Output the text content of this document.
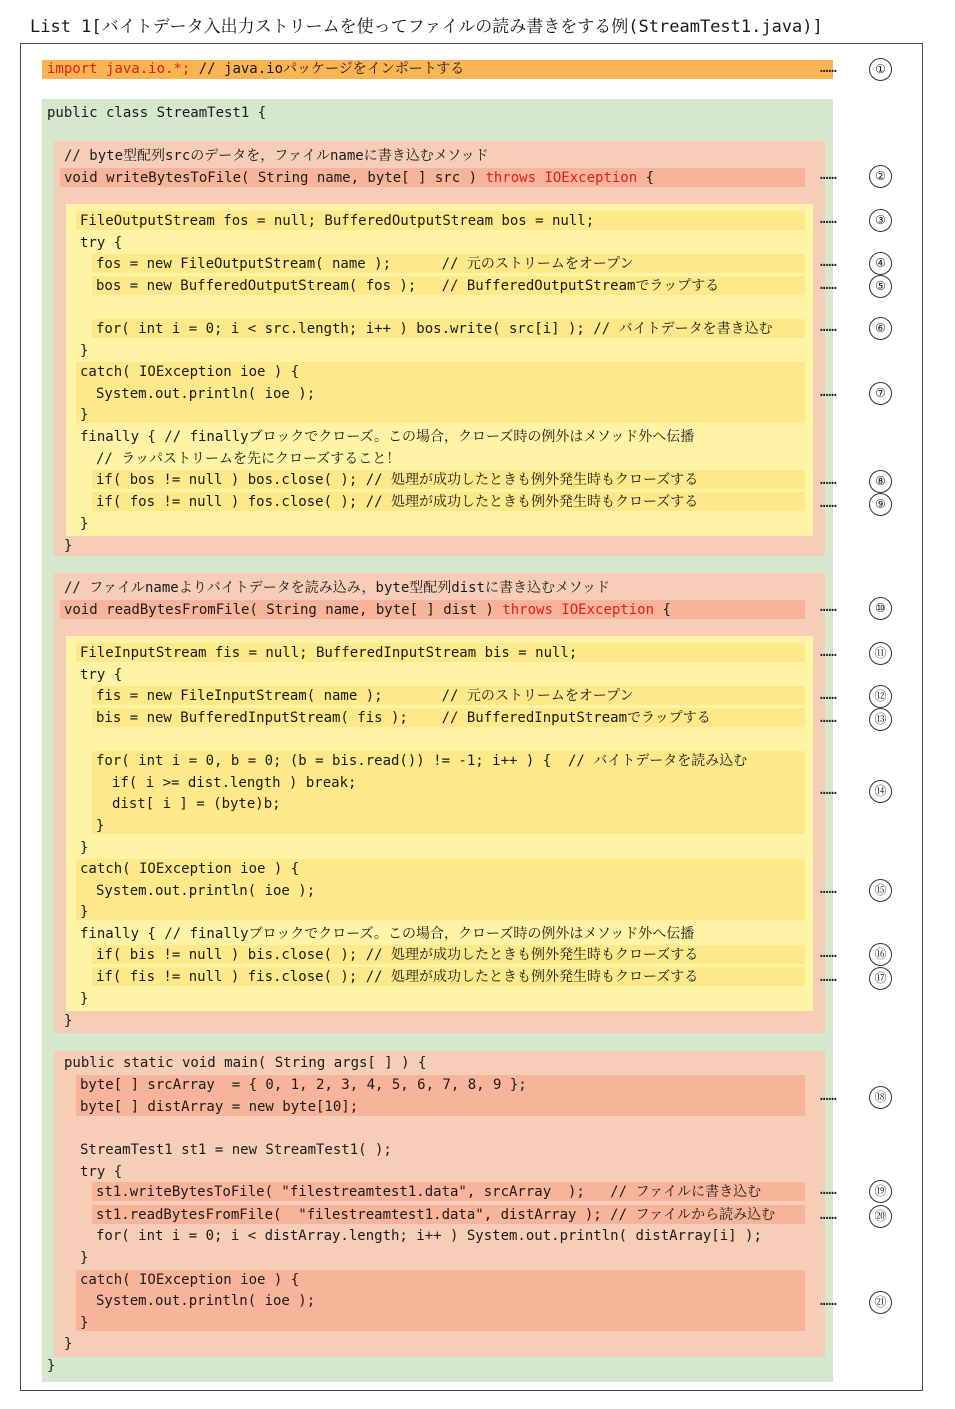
List 1[バイトデータ入出力ストリームを使ってファイルの読み書きをする例(StreamTest1.java)]
import java.io.*; // java.ioパッケージをインポートする
public class StreamTest1 {
// byte型配列srcのデータを，ファイルnameに書き込むメソッド
void writeBytesToFile( String name, byte[ ] src ) throws IOException {
FileOutputStream fos = null; BufferedOutputStream bos = null;
try {
fos = new FileOutputStream( name );      // 元のストリームをオープン
bos = new BufferedOutputStream( fos );   // BufferedOutputStreamでラップする
for( int i = 0; i < src.length; i++ ) bos.write( src[i] ); // バイトデータを書き込む
}
catch( IOException ioe ) {
System.out.println( ioe );
}
finally { // finallyブロックでクローズ。この場合，クローズ時の例外はメソッド外へ伝播
// ラッパストリームを先にクローズすること！
if( bos != null ) bos.close( ); // 処理が成功したときも例外発生時もクローズする
if( fos != null ) fos.close( ); // 処理が成功したときも例外発生時もクローズする
}
}
// ファイルnameよりバイトデータを読み込み，byte型配列distに書き込むメソッド
void readBytesFromFile( String name, byte[ ] dist ) throws IOException {
FileInputStream fis = null; BufferedInputStream bis = null;
try {
fis = new FileInputStream( name );       // 元のストリームをオープン
bis = new BufferedInputStream( fis );    // BufferedInputStreamでラップする
for( int i = 0, b = 0; (b = bis.read()) != -1; i++ ) {  // バイトデータを読み込む
if( i >= dist.length ) break;
dist[ i ] = (byte)b;
}
}
catch( IOException ioe ) {
System.out.println( ioe );
}
finally { // finallyブロックでクローズ。この場合，クローズ時の例外はメソッド外へ伝播
if( bis != null ) bis.close( ); // 処理が成功したときも例外発生時もクローズする
if( fis != null ) fis.close( ); // 処理が成功したときも例外発生時もクローズする
}
}
public static void main( String args[ ] ) {
byte[ ] srcArray  = { 0, 1, 2, 3, 4, 5, 6, 7, 8, 9 };
byte[ ] distArray = new byte[10];
StreamTest1 st1 = new StreamTest1( );
try {
st1.writeBytesToFile( "filestreamtest1.data", srcArray  );   // ファイルに書き込む
st1.readBytesFromFile(  "filestreamtest1.data", distArray ); // ファイルから読み込む
for( int i = 0; i < distArray.length; i++ ) System.out.println( distArray[i] );
}
catch( IOException ioe ) {
System.out.println( ioe );
}
}
}
……
……
……
……
……
……
……
……
……
……
……
……
……
……
……
……
……
……
……
……
……
①
②
③
④
⑤
⑥
⑦
⑧
⑨
⑩
⑪
⑫
⑬
⑭
⑮
⑯
⑰
⑱
⑲
⑳
㉑
